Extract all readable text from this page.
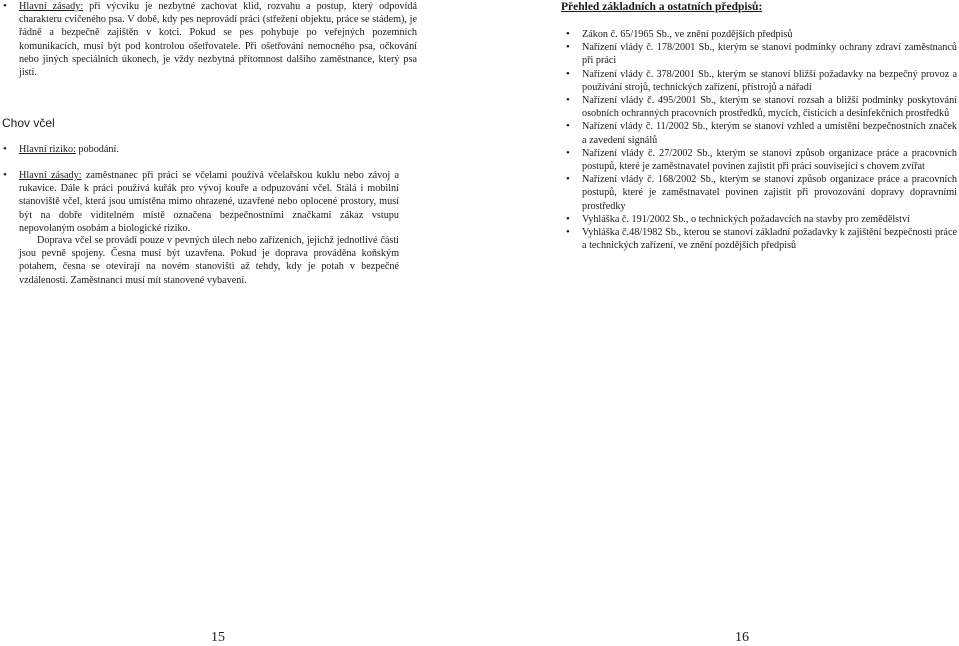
• Hlavní zásady: při výcviku je nezbytné zachovat klid, rozvahu a postup, který odpovídá charakteru cvičeného psa. V době, kdy pes neprovádí práci (střežení objektu, práce se stádem), je řádně a bezpečně zajištěn v kotci. Pokud se pes pohybuje po veřejných pozemních komunikacích, musí být pod kontrolou ošetřovatele. Při ošetřování nemocného psa, očkování nebo jiných speciálních úkonech, je vždy nezbytná přítomnost dalšího zaměstnance, který psa jistí.

Chov včel

• Hlavní riziko: pobodání.

• Hlavní zásady: zaměstnanec při práci se včelami používá včelařskou kuklu nebo závoj a rukavice. Dále k práci používá kuřák pro vývoj kouře a odpuzování včel. Stálá i mobilní stanoviště včel, která jsou umístěna mimo ohrazené, uzavřené nebo oplocené prostory, musí být na dobře viditelném místě označena bezpečnostními značkami zákaz vstupu nepovolaným osobám a biologické riziko.

Doprava včel se provádí pouze v pevných úlech nebo zařízeních, jejichž jednotlivé části jsou pevně spojeny. Česna musí být uzavřena. Pokud je doprava prováděna koňským potahem, česna se otevírají na novém stanovišti až tehdy, kdy je potah v bezpečné vzdálenosti. Zaměstnanci musí mít stanovené vybavení.

15
Přehled základních a ostatních předpisů:

• Zákon č. 65/1965 Sb., ve znění pozdějších předpisů

• Nařízení vlády č. 178/2001 Sb., kterým se stanoví podmínky ochrany zdraví zaměstnanců při práci

• Nařízení vlády č. 378/2001 Sb., kterým se stanoví bližší požadavky na bezpečný provoz a používání strojů, technických zařízení, přístrojů a nářadí

• Nařízení vlády č. 495/2001 Sb., kterým se stanoví rozsah a bližší podmínky poskytování osobních ochranných pracovních prostředků, mycích, čisticích a desinfekčních prostředků

• Nařízení vlády č. 11/2002 Sb., kterým se stanoví vzhled a umístění bezpečnostních značek a zavedení signálů

• Nařízení vlády č. 27/2002 Sb., kterým se stanoví způsob organizace práce a pracovních postupů, které je zaměstnavatel povinen zajistit při práci související s chovem zvířat

• Nařízení vlády č. 168/2002 Sb., kterým se stanoví způsob organizace práce a pracovních postupů, které je zaměstnavatel povinen zajistit při provozování dopravy dopravními prostředky

• Vyhláška č. 191/2002 Sb., o technických požadavcích na stavby pro zemědělství

• Vyhláška č.48/1982 Sb., kterou se stanoví základní požadavky k zajištění bezpečnosti práce a technických zařízení, ve znění pozdějších předpisů

16
